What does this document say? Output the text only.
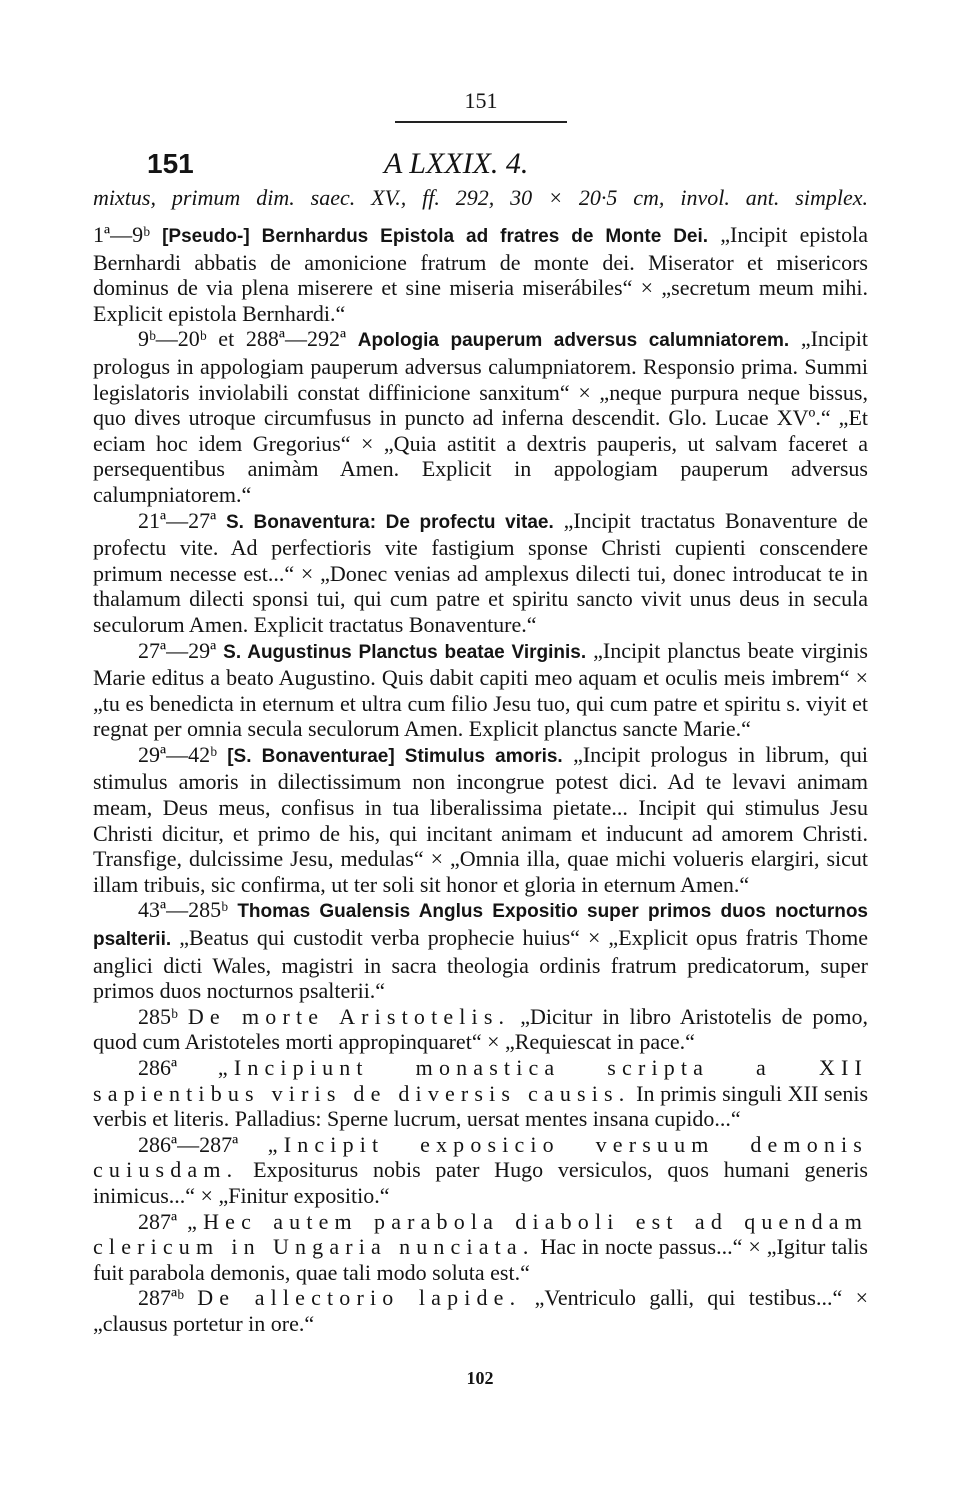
151
151	A LXXIX. 4.
mixtus, primum dim. saec. XV., ff. 292, 30 × 20·5 cm, invol. ant. simplex.

1ª—9ᵇ [Pseudo-] Bernhardus Epistola ad fratres de Monte Dei. „Incipit epistola Bernhardi abbatis de amonicione fratrum de monte dei. Miserator et misericors dominus de via plena miserere et sine miseria miserábiles“ × „secretum meum mihi. Explicit epistola Bernhardi.“

9ᵇ—20ᵇ et 288ª—292ª Apologia pauperum adversus calumniatorem. „Incipit prologus in appologiam pauperum adversus calumpniatorem. Responsio prima. Summi legislatoris inviolabili constat diffinicione sanxitum“ × „neque purpura neque bissus, quo dives utroque circumfusus in puncto ad inferna descendit. Glo. Lucae XVº.“ „Et eciam hoc idem Gregorius“ × „Quia astitit a dextris pauperis, ut salvam faceret a persequentibus animàm Amen. Explicit in appologiam pauperum adversus calumpniatorem.“

21ª—27ª S. Bonaventura: De profectu vitae. „Incipit tractatus Bonaventure de profectu vite. Ad perfectioris vite fastigium sponse Christi cupienti conscendere primum necesse est...“ × „Donec venias ad amplexus dilecti tui, donec introducat te in thalamum dilecti sponsi tui, qui cum patre et spiritu sancto vivit unus deus in secula seculorum Amen. Explicit tractatus Bonaventure.“

27ª—29ª S. Augustinus Planctus beatae Virginis. „Incipit planctus beate virginis Marie editus a beato Augustino. Quis dabit capiti meo aquam et oculis meis imbrem“ × „tu es benedicta in eternum et ultra cum filio Jesu tuo, qui cum patre et spiritu s. viyit et regnat per omnia secula seculorum Amen. Explicit planctus sancte Marie.“

29ª—42ᵇ [S. Bonaventurae] Stimulus amoris. „Incipit prologus in librum, qui stimulus amoris in dilectissimum non incongrue potest dici. Ad te levavi animam meam, Deus meus, confisus in tua liberalissima pietate... Incipit qui stimulus Jesu Christi dicitur, et primo de his, qui incitant animam et inducunt ad amorem Christi. Transfige, dulcissime Jesu, medulas“ × „Omnia illa, quae michi volueris elargiri, sicut illam tribuis, sic confirma, ut ter soli sit honor et gloria in eternum Amen.“

43ª—285ᵇ Thomas Gualensis Anglus Expositio super primos duos nocturnos psalterii. „Beatus qui custodit verba prophecie huius“ × „Explicit opus fratris Thome anglici dicti Wales, magistri in sacra theologia ordinis fratrum predicatorum, super primos duos nocturnos psalterii.“

285ᵇ De morte Aristotelis. „Dicitur in libro Aristotelis de pomo, quod cum Aristoteles morti appropinquaret“ × „Requiescat in pace.“

286ª „Incipiunt monastica scripta a XII sapientibus viris de diversis causis. In primis singuli XII senis verbis et literis. Palladius: Sperne lucrum, uersat mentes insana cupido...“

286ª—287ª „Incipit exposicio versuum demonis cuiusdam. Expositurus nobis pater Hugo versiculos, quos humani generis inimicus...“ × „Finitur expositio.“

287ª „Hec autem parabola diaboli est ad quendam clericum in Ungaria nunciata. Hac in nocte passus...“ × „Igitur talis fuit parabola demonis, quae tali modo soluta est.“

287ªᵇ De allectorio lapide. „Ventriculo galli, qui testibus...“ × „clausus portetur in ore.“

102
